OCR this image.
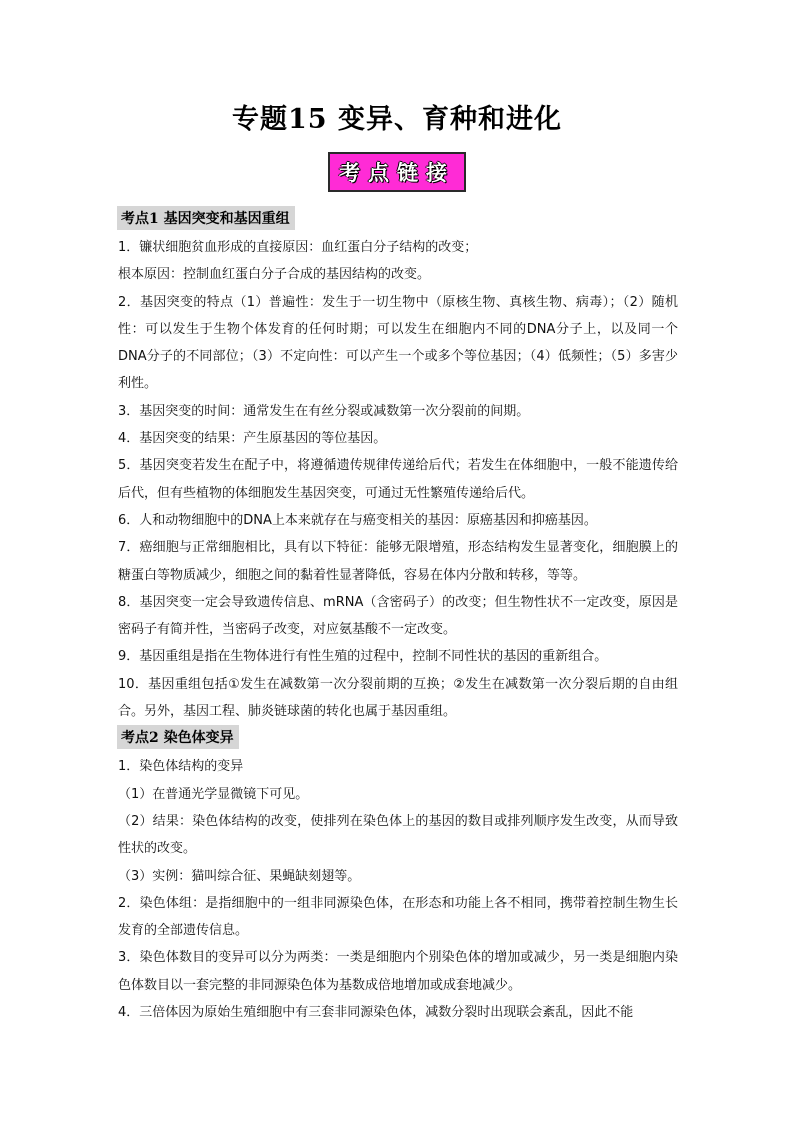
专题15 变异、育种和进化
考点链接
考点1 基因突变和基因重组

1．镰状细胞贫血形成的直接原因：血红蛋白分子结构的改变；

根本原因：控制血红蛋白分子合成的基因结构的改变。

2．基因突变的特点（1）普遍性：发生于一切生物中（原核生物、真核生物、病毒）；（2）随机性：可以发生于生物个体发育的任何时期；可以发生在细胞内不同的DNA分子上，以及同一个DNA分子的不同部位；（3）不定向性：可以产生一个或多个等位基因；（4）低频性；（5）多害少利性。

3．基因突变的时间：通常发生在有丝分裂或减数第一次分裂前的间期。

4．基因突变的结果：产生原基因的等位基因。

5．基因突变若发生在配子中，将遵循遗传规律传递给后代；若发生在体细胞中，一般不能遗传给后代，但有些植物的体细胞发生基因突变，可通过无性繁殖传递给后代。

6．人和动物细胞中的DNA上本来就存在与癌变相关的基因：原癌基因和抑癌基因。

7．癌细胞与正常细胞相比，具有以下特征：能够无限增殖，形态结构发生显著变化，细胞膜上的糖蛋白等物质减少，细胞之间的黏着性显著降低，容易在体内分散和转移，等等。

8．基因突变一定会导致遗传信息、mRNA（含密码子）的改变；但生物性状不一定改变，原因是密码子有简并性，当密码子改变，对应氨基酸不一定改变。

9．基因重组是指在生物体进行有性生殖的过程中，控制不同性状的基因的重新组合。

10．基因重组包括①发生在减数第一次分裂前期的互换；②发生在减数第一次分裂后期的自由组合。另外，基因工程、肺炎链球菌的转化也属于基因重组。

考点2 染色体变异

1．染色体结构的变异

（1）在普通光学显微镜下可见。

（2）结果：染色体结构的改变，使排列在染色体上的基因的数目或排列顺序发生改变，从而导致性状的改变。

（3）实例：猫叫综合征、果蝇缺刻翅等。

2．染色体组：是指细胞中的一组非同源染色体，在形态和功能上各不相同，携带着控制生物生长发育的全部遗传信息。

3．染色体数目的变异可以分为两类：一类是细胞内个别染色体的增加或减少，另一类是细胞内染色体数目以一套完整的非同源染色体为基数成倍地增加或成套地减少。

4．三倍体因为原始生殖细胞中有三套非同源染色体，减数分裂时出现联会紊乱，因此不能
